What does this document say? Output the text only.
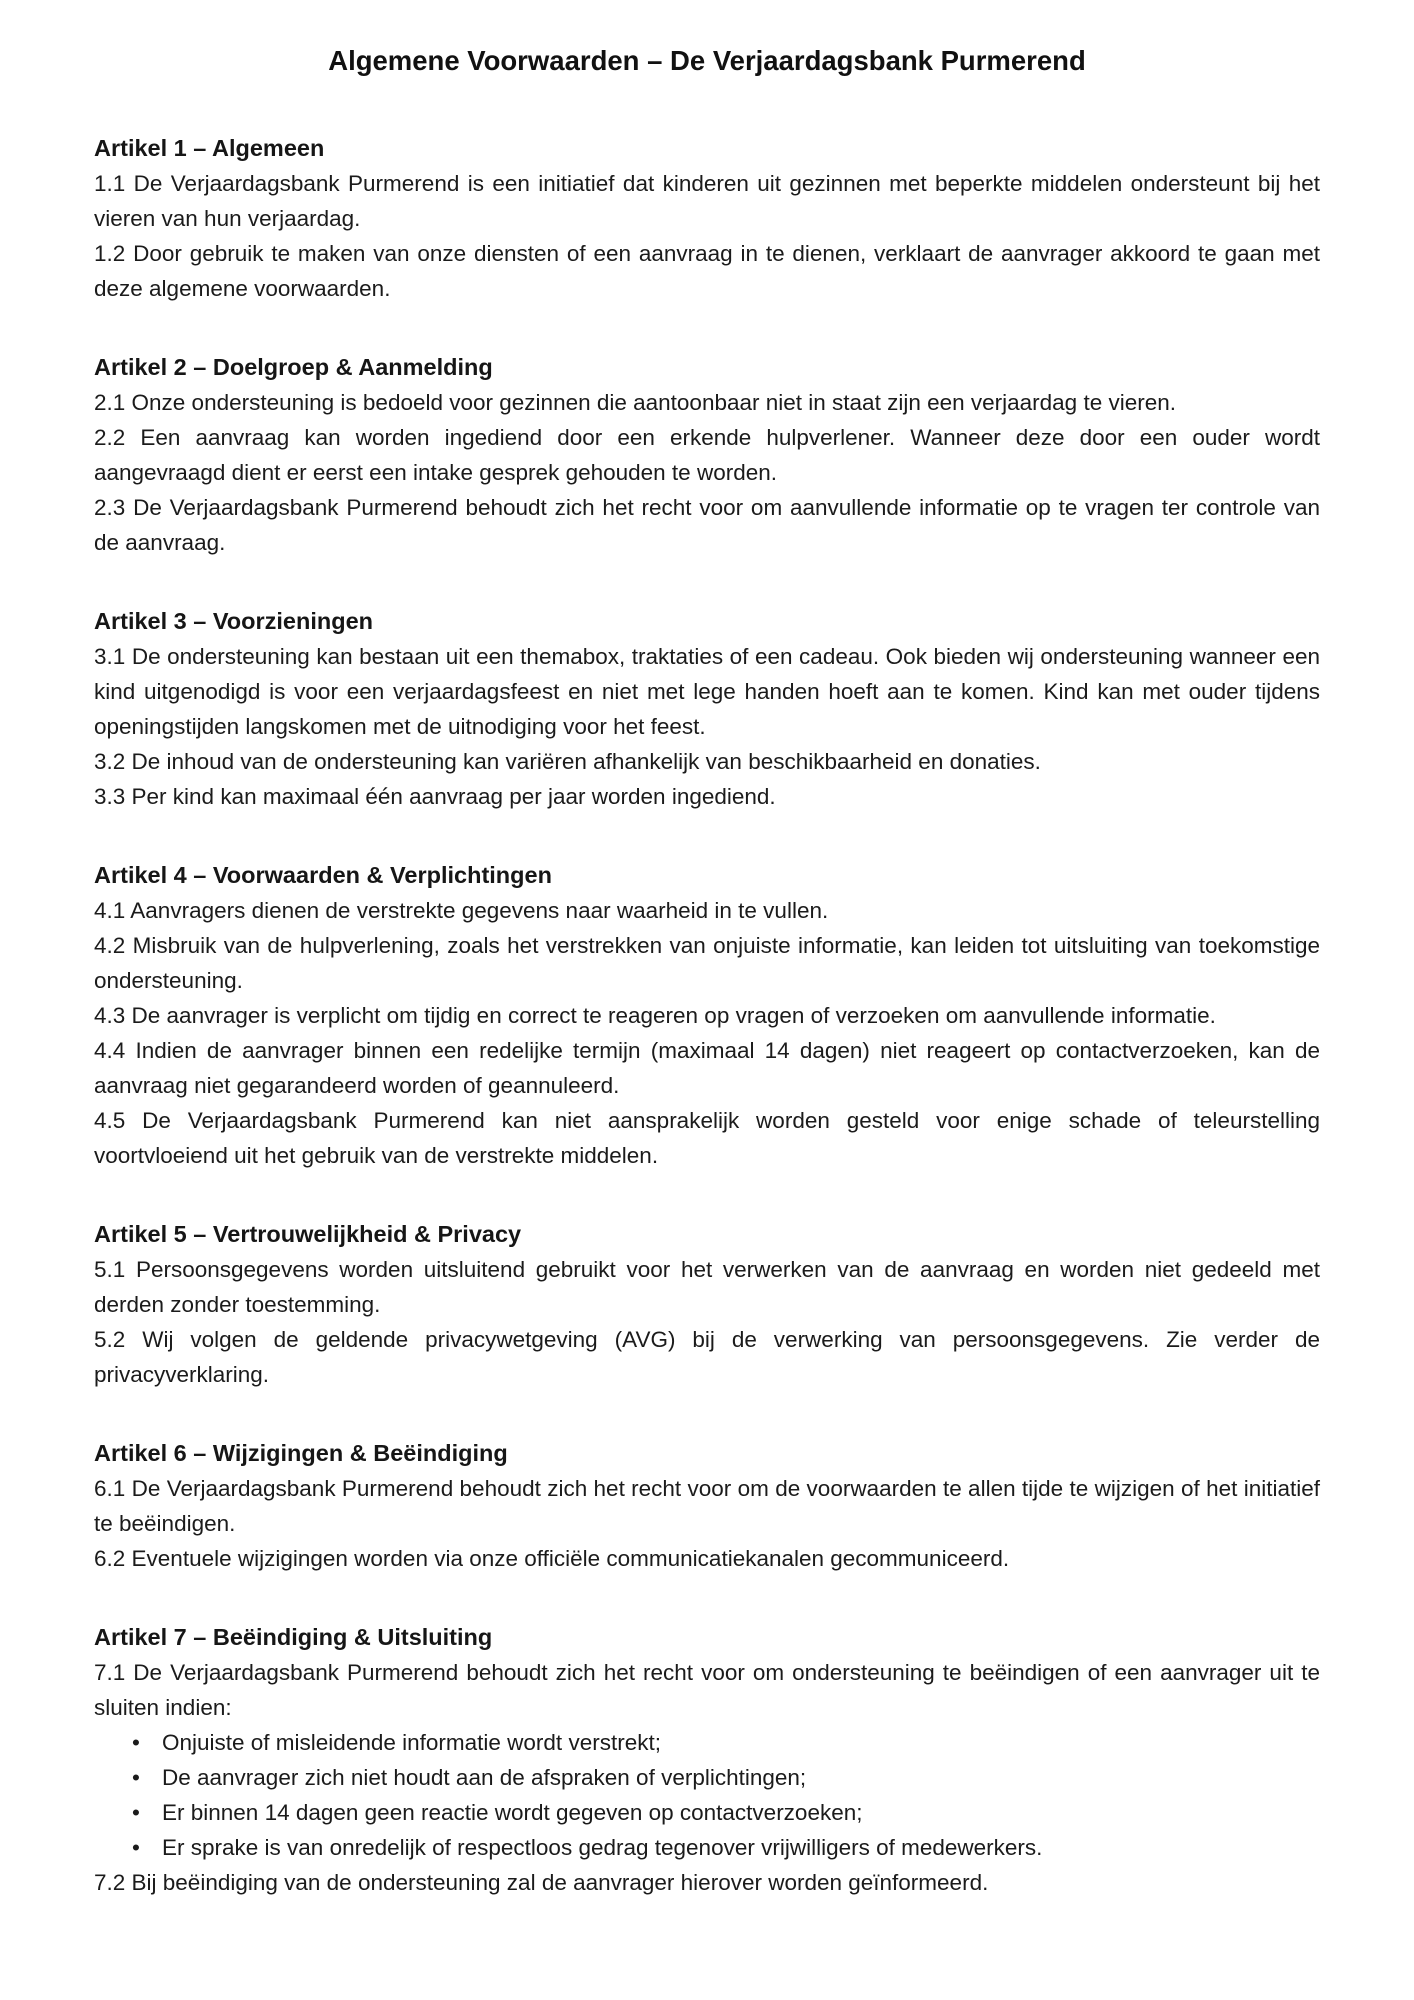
Algemene Voorwaarden – De Verjaardagsbank Purmerend
Artikel 1 – Algemeen

1.1 De Verjaardagsbank Purmerend is een initiatief dat kinderen uit gezinnen met beperkte middelen ondersteunt bij het vieren van hun verjaardag.

1.2 Door gebruik te maken van onze diensten of een aanvraag in te dienen, verklaart de aanvrager akkoord te gaan met deze algemene voorwaarden.

Artikel 2 – Doelgroep & Aanmelding

2.1 Onze ondersteuning is bedoeld voor gezinnen die aantoonbaar niet in staat zijn een verjaardag te vieren.

2.2 Een aanvraag kan worden ingediend door een erkende hulpverlener. Wanneer deze door een ouder wordt aangevraagd dient er eerst een intake gesprek gehouden te worden.

2.3 De Verjaardagsbank Purmerend behoudt zich het recht voor om aanvullende informatie op te vragen ter controle van de aanvraag.

Artikel 3 – Voorzieningen

3.1 De ondersteuning kan bestaan uit een themabox, traktaties of een cadeau. Ook bieden wij ondersteuning wanneer een kind uitgenodigd is voor een verjaardagsfeest en niet met lege handen hoeft aan te komen. Kind kan met ouder tijdens openingstijden langskomen met de uitnodiging voor het feest.

3.2 De inhoud van de ondersteuning kan variëren afhankelijk van beschikbaarheid en donaties.

3.3 Per kind kan maximaal één aanvraag per jaar worden ingediend.

Artikel 4 – Voorwaarden & Verplichtingen

4.1 Aanvragers dienen de verstrekte gegevens naar waarheid in te vullen.

4.2 Misbruik van de hulpverlening, zoals het verstrekken van onjuiste informatie, kan leiden tot uitsluiting van toekomstige ondersteuning.

4.3 De aanvrager is verplicht om tijdig en correct te reageren op vragen of verzoeken om aanvullende informatie.

4.4 Indien de aanvrager binnen een redelijke termijn (maximaal 14 dagen) niet reageert op contactverzoeken, kan de aanvraag niet gegarandeerd worden of geannuleerd.

4.5 De Verjaardagsbank Purmerend kan niet aansprakelijk worden gesteld voor enige schade of teleurstelling voortvloeiend uit het gebruik van de verstrekte middelen.

Artikel 5 – Vertrouwelijkheid & Privacy

5.1 Persoonsgegevens worden uitsluitend gebruikt voor het verwerken van de aanvraag en worden niet gedeeld met derden zonder toestemming.

5.2 Wij volgen de geldende privacywetgeving (AVG) bij de verwerking van persoonsgegevens. Zie verder de privacyverklaring.

Artikel 6 – Wijzigingen & Beëindiging

6.1 De Verjaardagsbank Purmerend behoudt zich het recht voor om de voorwaarden te allen tijde te wijzigen of het initiatief te beëindigen.

6.2 Eventuele wijzigingen worden via onze officiële communicatiekanalen gecommuniceerd.

Artikel 7 – Beëindiging & Uitsluiting

7.1 De Verjaardagsbank Purmerend behoudt zich het recht voor om ondersteuning te beëindigen of een aanvrager uit te sluiten indien:

• Onjuiste of misleidende informatie wordt verstrekt;
• De aanvrager zich niet houdt aan de afspraken of verplichtingen;
• Er binnen 14 dagen geen reactie wordt gegeven op contactverzoeken;
• Er sprake is van onredelijk of respectloos gedrag tegenover vrijwilligers of medewerkers.

7.2 Bij beëindiging van de ondersteuning zal de aanvrager hierover worden geïnformeerd.
